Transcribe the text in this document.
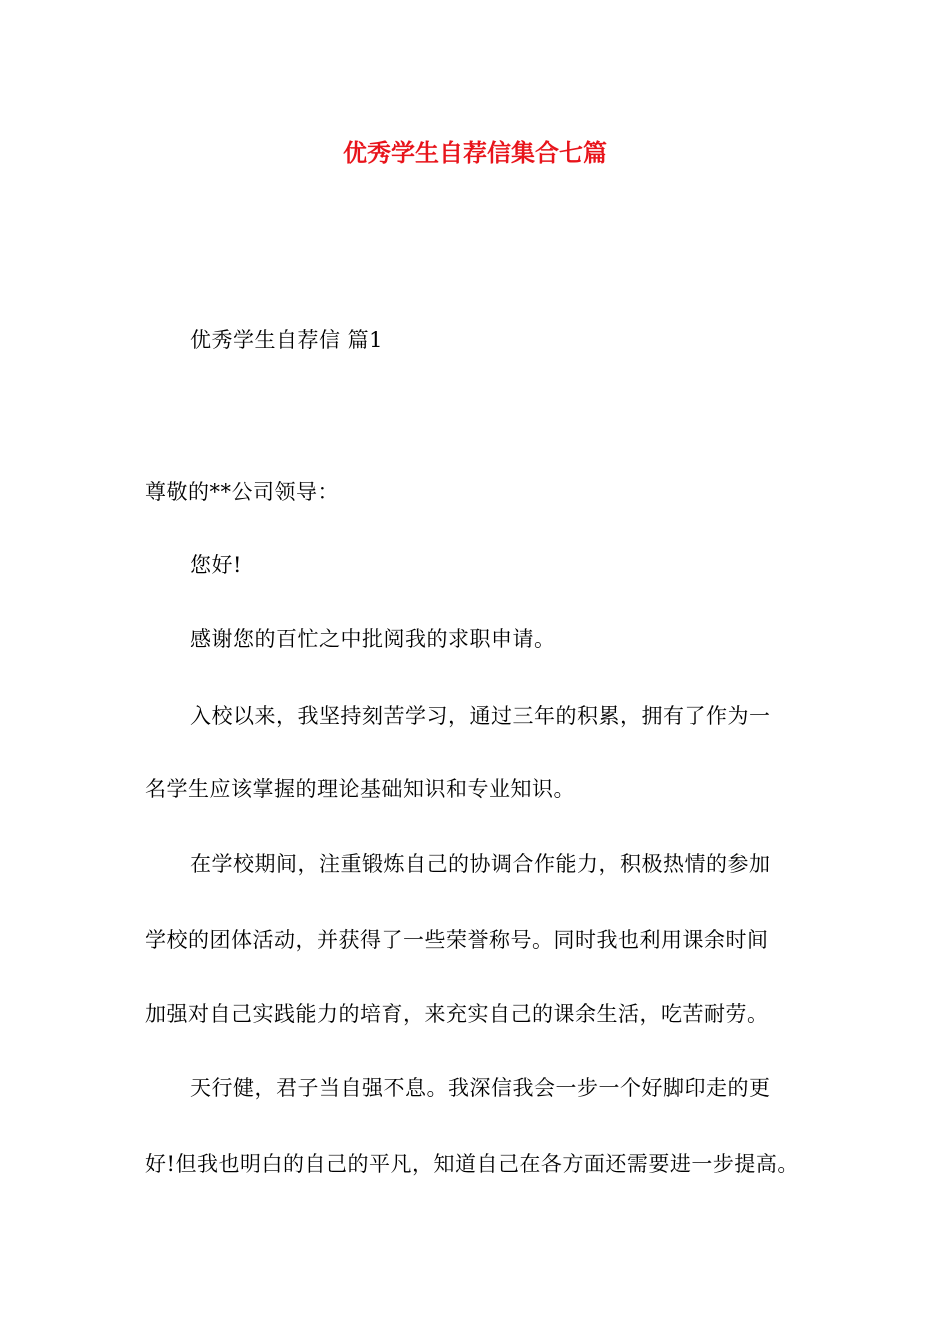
优秀学生自荐信集合七篇
优秀学生自荐信 篇1
尊敬的**公司领导：
您好!
感谢您的百忙之中批阅我的求职申请。
入校以来，我坚持刻苦学习，通过三年的积累，拥有了作为一
名学生应该掌握的理论基础知识和专业知识。
在学校期间，注重锻炼自己的协调合作能力，积极热情的参加
学校的团体活动，并获得了一些荣誉称号。同时我也利用课余时间
加强对自己实践能力的培育，来充实自己的课余生活，吃苦耐劳。
天行健，君子当自强不息。我深信我会一步一个好脚印走的更
好!但我也明白的自己的平凡，知道自己在各方面还需要进一步提高。
